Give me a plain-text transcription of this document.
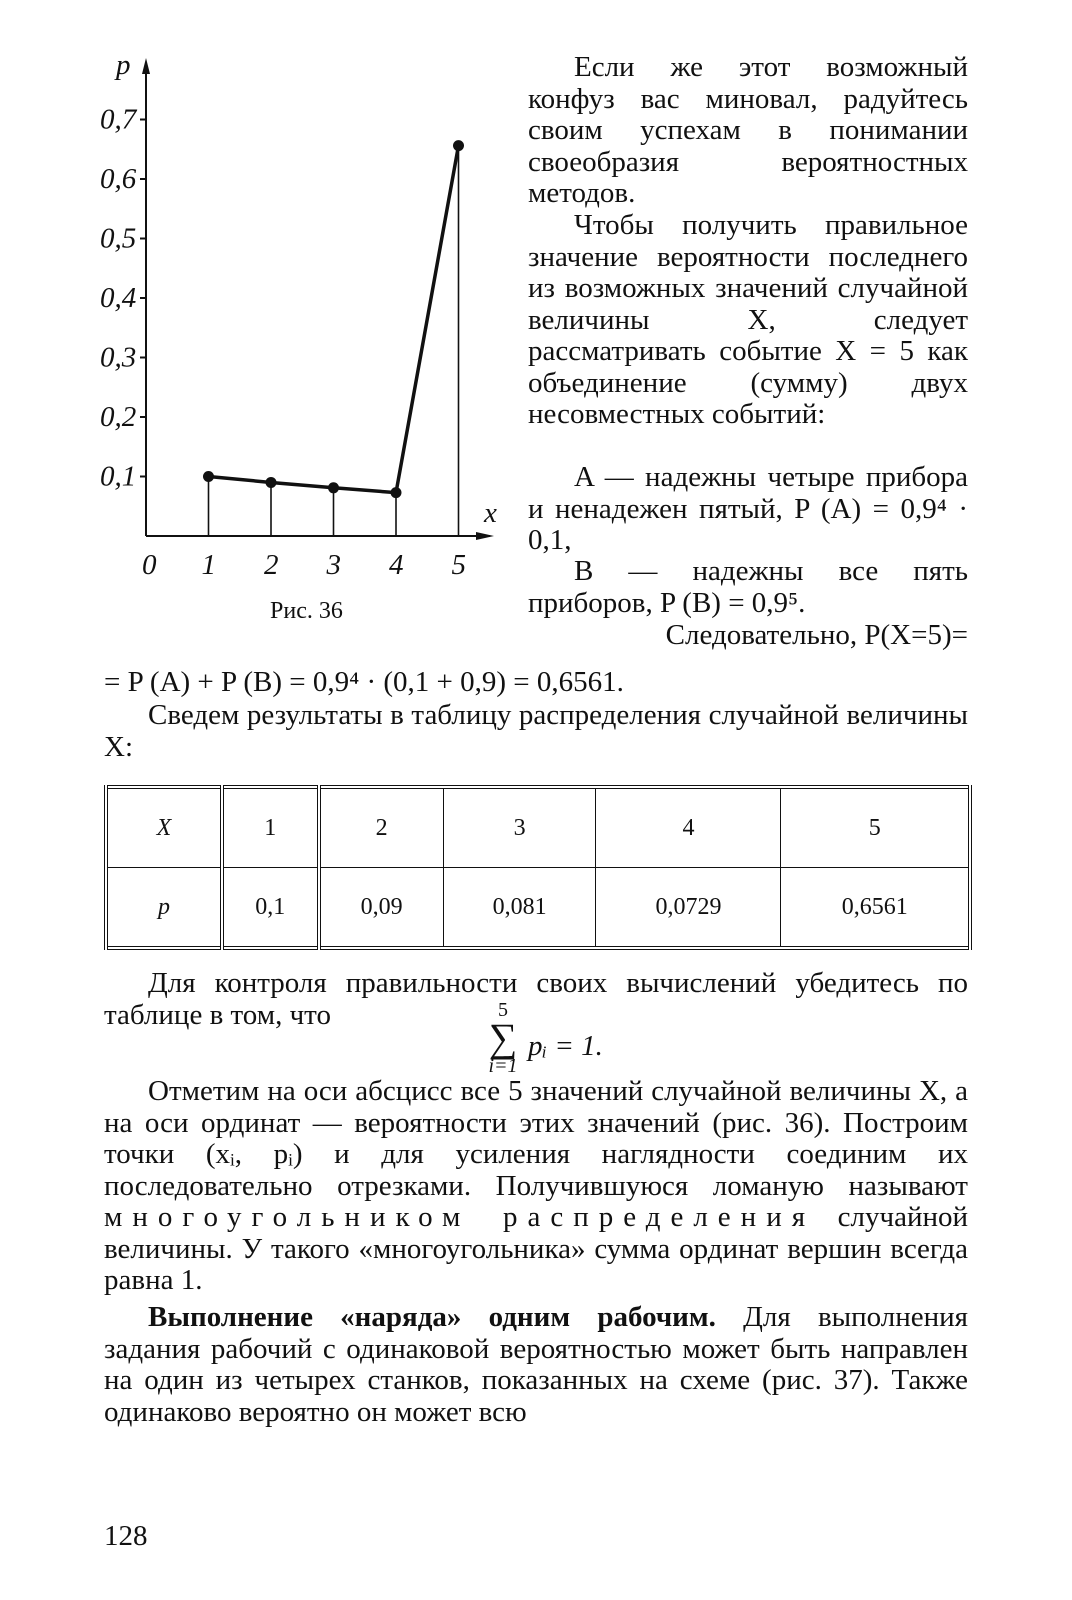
p
x
0
Рис. 36
0,1
0,2
0,3
0,4
0,5
0,6
0,7
1 2 3 4 5

Если же этот возможный конфуз вас миновал, радуйтесь своим успехам в понимании своеобразия вероятностных методов.

Чтобы получить правильное значение вероятности последнего из возможных значений случайной величины X, следует рассматривать событие X = 5 как объединение (сумму) двух несовместных событий:

A — надежны четыре прибора и ненадежен пятый, P (A) = 0,9⁴ · 0,1,

B — надежны все пять приборов, P (B) = 0,9⁵.

Следовательно, P(X=5)=

= P (A) + P (B) = 0,9⁴ · (0,1 + 0,9) = 0,6561.

Сведем результаты в таблицу распределения случайной величины X:

X	1	2	3	4	5
p	0,1	0,09	0,081	0,0729	0,6561

Для контроля правильности своих вычислений убедитесь по таблице в том, что	5
∑
i=1
pᵢ = 1.

Отметим на оси абсцисс все 5 значений случайной величины X, а на оси ординат — вероятности этих значений (рис. 36). Построим точки (xᵢ, pᵢ) и для усиления наглядности соединим их последовательно отрезками. Получившуюся ломаную называют многоугольником распределения случайной величины. У такого «многоугольника» сумма ординат вершин всегда равна 1.

Выполнение «наряда» одним рабочим. Для выполнения задания рабочий с одинаковой вероятностью может быть направлен на один из четырех станков, показанных на схеме (рис. 37). Также одинаково вероятно он может всю

128
